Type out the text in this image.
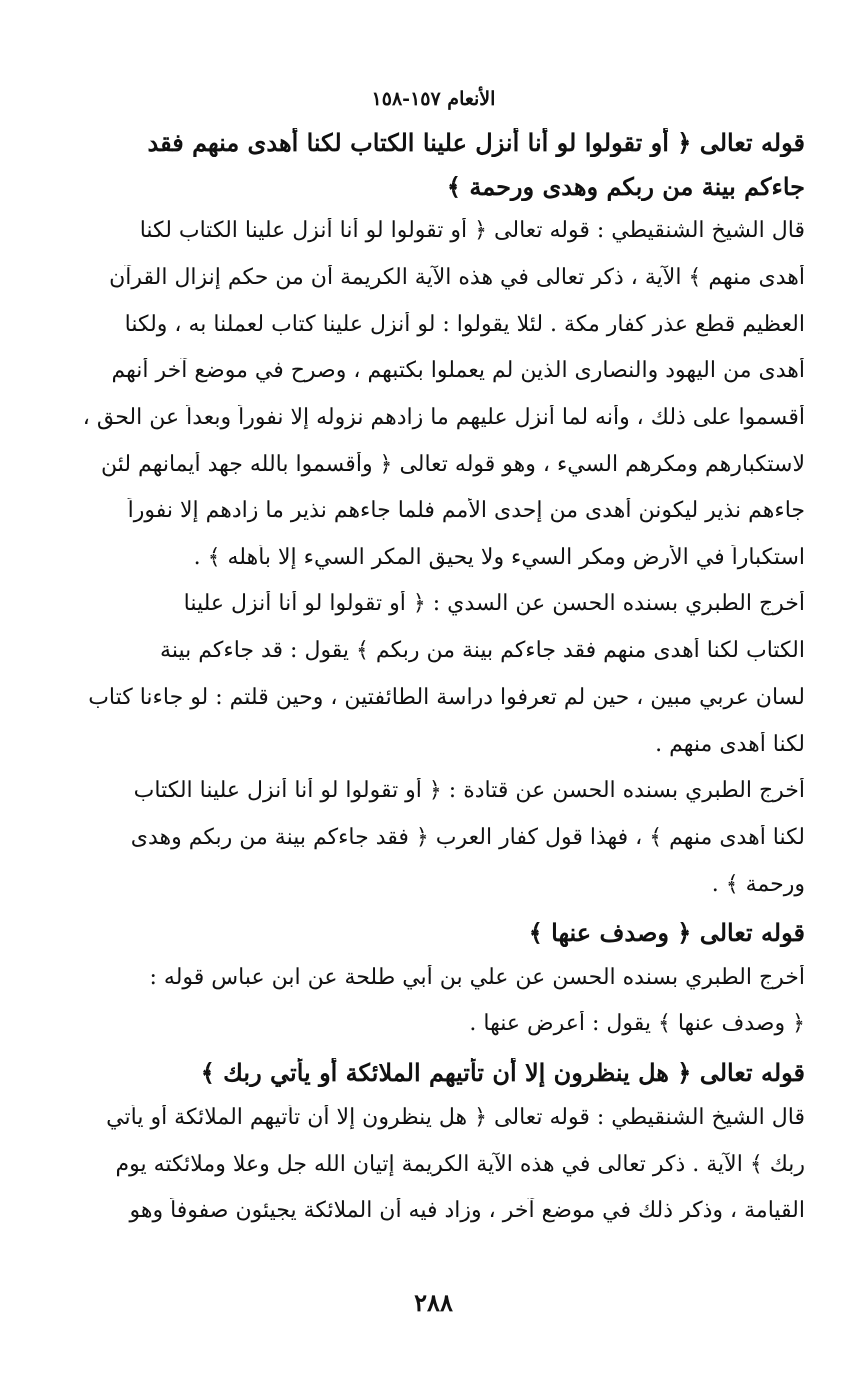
الأنعام ١٥٧-١٥٨
قوله تعالى ﴿ أو تقولوا لو أنا أنزل علينا الكتاب لكنا أهدى منهم فقد
جاءكم بينة من ربكم وهدى ورحمة ﴾
قال الشيخ الشنقيطي : قوله تعالى ﴿ أو تقولوا لو أنا أنزل علينا الكتاب لكنا
أهدى منهم ﴾ الآية ، ذكر تعالى في هذه الآية الكريمة أن من حكم إنزال القرآن
العظيم قطع عذر كفار مكة . لئلا يقولوا : لو أنزل علينا كتاب لعملنا به ، ولكنا
أهدى من اليهود والنصارى الذين لم يعملوا بكتبهم ، وصرح في موضع آخر أنهم
أقسموا على ذلك ، وأنه لما أنزل عليهم ما زادهم نزوله إلا نفوراً وبعداً عن الحق ،
لاستكبارهم ومكرهم السيء ، وهو قوله تعالى ﴿ وأقسموا بالله جهد أيمانهم لئن
جاءهم نذير ليكونن أهدى من إحدى الأمم فلما جاءهم نذير ما زادهم إلا نفوراً
استكباراً في الأرض ومكر السيء ولا يحيق المكر السيء إلا بأهله ﴾ .
أخرج الطبري بسنده الحسن عن السدي : ﴿ أو تقولوا لو أنا أنزل علينا
الكتاب لكنا أهدى منهم فقد جاءكم بينة من ربكم ﴾ يقول : قد جاءكم بينة
لسان عربي مبين ، حين لم تعرفوا دراسة الطائفتين ، وحين قلتم : لو جاءنا كتاب
لكنا أهدى منهم .
أخرج الطبري بسنده الحسن عن قتادة : ﴿ أو تقولوا لو أنا أنزل علينا الكتاب
لكنا أهدى منهم ﴾ ، فهذا قول كفار العرب ﴿ فقد جاءكم بينة من ربكم وهدى
ورحمة ﴾ .
قوله تعالى ﴿ وصدف عنها ﴾
أخرج الطبري بسنده الحسن عن علي بن أبي طلحة عن ابن عباس قوله :
﴿ وصدف عنها ﴾ يقول : أعرض عنها .
قوله تعالى ﴿ هل ينظرون إلا أن تأتيهم الملائكة أو يأتي ربك ﴾
قال الشيخ الشنقيطي : قوله تعالى ﴿ هل ينظرون إلا أن تأتيهم الملائكة أو يأتي
ربك ﴾ الآية . ذكر تعالى في هذه الآية الكريمة إتيان الله جل وعلا وملائكته يوم
القيامة ، وذكر ذلك في موضع آخر ، وزاد فيه أن الملائكة يجيئون صفوفاً وهو
٢٨٨
